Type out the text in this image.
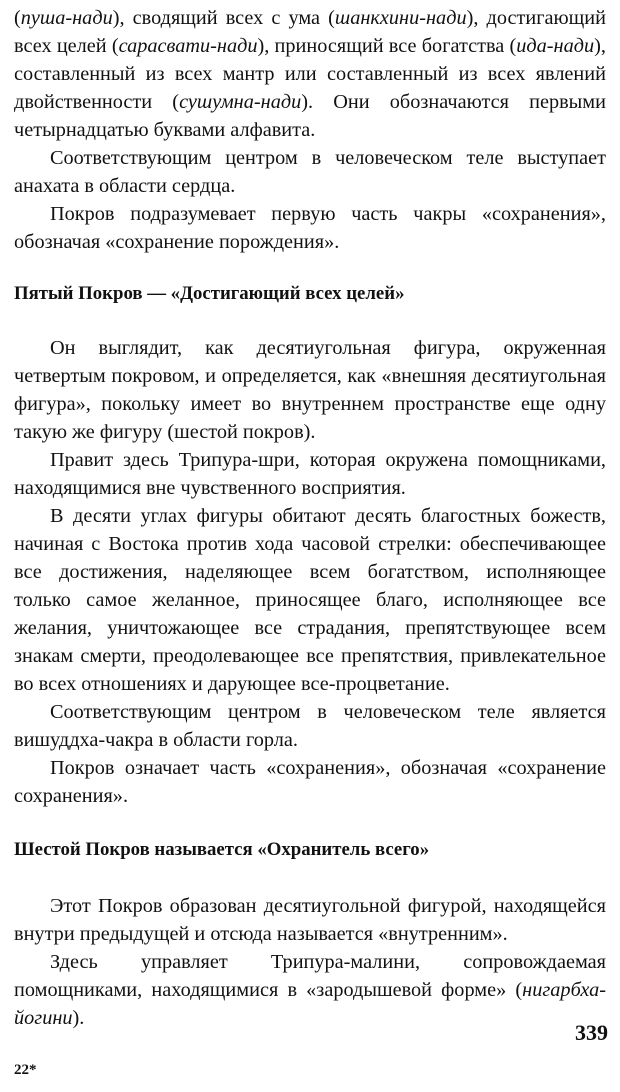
(пуша-нади), сводящий всех с ума (шанкхини-нади), достигающий всех целей (сарасвати-нади), приносящий все богатства (ида-нади), составленный из всех мантр или составленный из всех явлений двойственности (сушумна-нади). Они обозначаются первыми четырнадцатью буквами алфавита.

Соответствующим центром в человеческом теле выступает анахата в области сердца.

Покров подразумевает первую часть чакры «сохранения», обозначая «сохранение порождения».

Пятый Покров — «Достигающий всех целей»

Он выглядит, как десятиугольная фигура, окруженная четвертым покровом, и определяется, как «внешняя десятиугольная фигура», покольку имеет во внутреннем пространстве еще одну такую же фигуру (шестой покров).

Правит здесь Трипура-шри, которая окружена помощниками, находящимися вне чувственного восприятия.

В десяти углах фигуры обитают десять благостных божеств, начиная с Востока против хода часовой стрелки: обеспечивающее все достижения, наделяющее всем богатством, исполняющее только самое желанное, приносящее благо, исполняющее все желания, уничтожающее все страдания, препятствующее всем знакам смерти, преодолевающее все препятствия, привлекательное во всех отношениях и дарующее все-процветание.

Соответствующим центром в человеческом теле является вишуддха-чакра в области горла.

Покров означает часть «сохранения», обозначая «сохранение сохранения».

Шестой Покров называется «Охранитель всего»

Этот Покров образован десятиугольной фигурой, находящейся внутри предыдущей и отсюда называется «внутренним».

Здесь управляет Трипура-малини, сопровождаемая помощниками, находящимися в «зародышевой форме» (нигарбха-йогини).

339
22*
